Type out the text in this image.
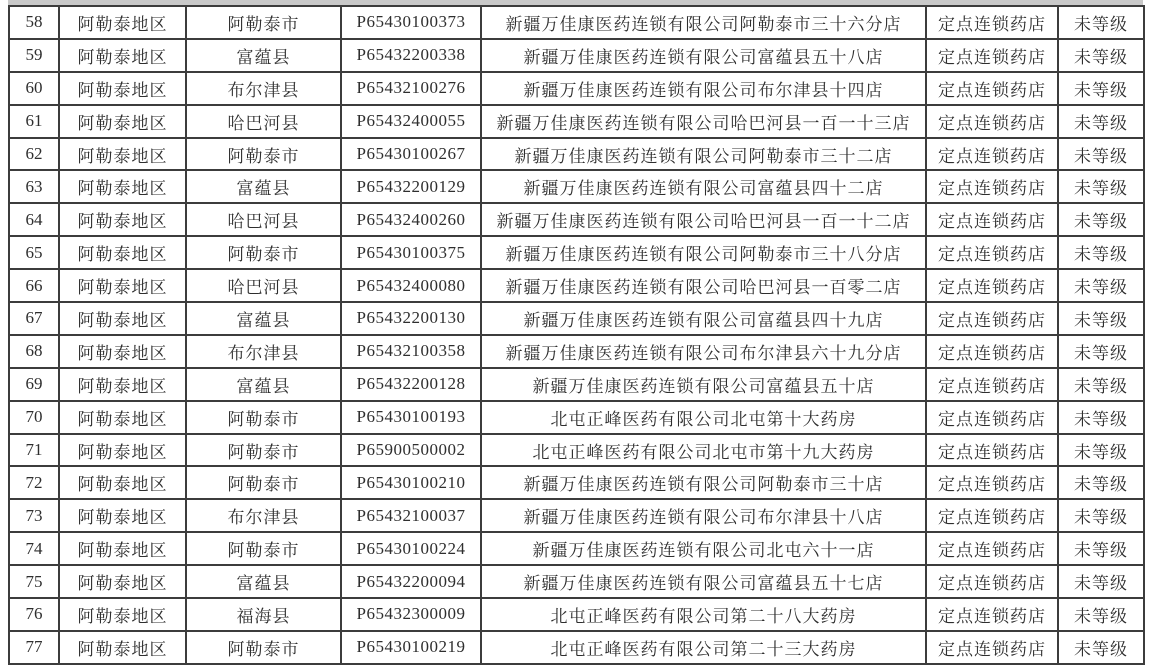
58	阿勒泰地区	阿勒泰市	P65430100373	新疆万佳康医药连锁有限公司阿勒泰市三十六分店	定点连锁药店	未等级
59	阿勒泰地区	富蕴县	P65432200338	新疆万佳康医药连锁有限公司富蕴县五十八店	定点连锁药店	未等级
60	阿勒泰地区	布尔津县	P65432100276	新疆万佳康医药连锁有限公司布尔津县十四店	定点连锁药店	未等级
61	阿勒泰地区	哈巴河县	P65432400055	新疆万佳康医药连锁有限公司哈巴河县一百一十三店	定点连锁药店	未等级
62	阿勒泰地区	阿勒泰市	P65430100267	新疆万佳康医药连锁有限公司阿勒泰市三十二店	定点连锁药店	未等级
63	阿勒泰地区	富蕴县	P65432200129	新疆万佳康医药连锁有限公司富蕴县四十二店	定点连锁药店	未等级
64	阿勒泰地区	哈巴河县	P65432400260	新疆万佳康医药连锁有限公司哈巴河县一百一十二店	定点连锁药店	未等级
65	阿勒泰地区	阿勒泰市	P65430100375	新疆万佳康医药连锁有限公司阿勒泰市三十八分店	定点连锁药店	未等级
66	阿勒泰地区	哈巴河县	P65432400080	新疆万佳康医药连锁有限公司哈巴河县一百零二店	定点连锁药店	未等级
67	阿勒泰地区	富蕴县	P65432200130	新疆万佳康医药连锁有限公司富蕴县四十九店	定点连锁药店	未等级
68	阿勒泰地区	布尔津县	P65432100358	新疆万佳康医药连锁有限公司布尔津县六十九分店	定点连锁药店	未等级
69	阿勒泰地区	富蕴县	P65432200128	新疆万佳康医药连锁有限公司富蕴县五十店	定点连锁药店	未等级
70	阿勒泰地区	阿勒泰市	P65430100193	北屯正峰医药有限公司北屯第十大药房	定点连锁药店	未等级
71	阿勒泰地区	阿勒泰市	P65900500002	北屯正峰医药有限公司北屯市第十九大药房	定点连锁药店	未等级
72	阿勒泰地区	阿勒泰市	P65430100210	新疆万佳康医药连锁有限公司阿勒泰市三十店	定点连锁药店	未等级
73	阿勒泰地区	布尔津县	P65432100037	新疆万佳康医药连锁有限公司布尔津县十八店	定点连锁药店	未等级
74	阿勒泰地区	阿勒泰市	P65430100224	新疆万佳康医药连锁有限公司北屯六十一店	定点连锁药店	未等级
75	阿勒泰地区	富蕴县	P65432200094	新疆万佳康医药连锁有限公司富蕴县五十七店	定点连锁药店	未等级
76	阿勒泰地区	福海县	P65432300009	北屯正峰医药有限公司第二十八大药房	定点连锁药店	未等级
77	阿勒泰地区	阿勒泰市	P65430100219	北屯正峰医药有限公司第二十三大药房	定点连锁药店	未等级
